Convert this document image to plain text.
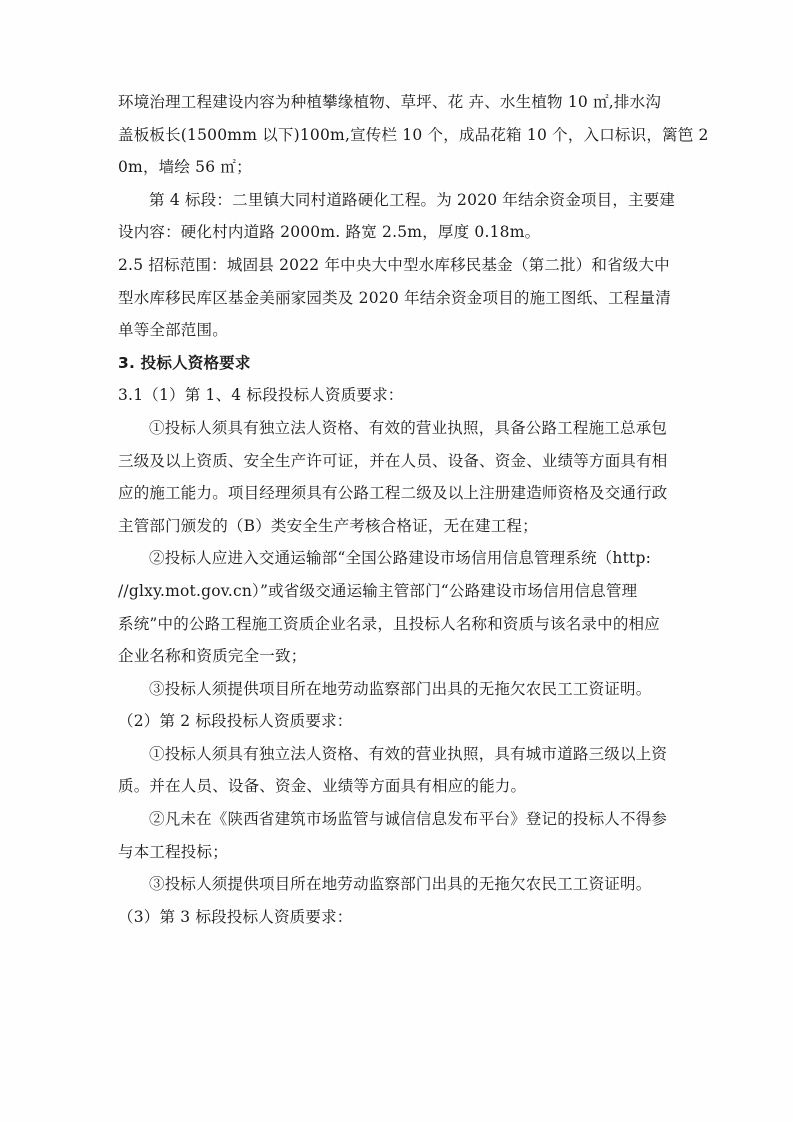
环境治理工程建设内容为种植攀缘植物、草坪、花 卉、水生植物 10 ㎡,排水沟
盖板板长(1500mm 以下)100m,宣传栏 10 个，成品花箱 10 个，入口标识，篱笆 2
0m，墙绘 56 ㎡；
第 4 标段：二里镇大同村道路硬化工程。为 2020 年结余资金项目，主要建
设内容：硬化村内道路 2000m. 路宽 2.5m，厚度 0.18m。
2.5 招标范围：城固县 2022 年中央大中型水库移民基金（第二批）和省级大中
型水库移民库区基金美丽家园类及 2020 年结余资金项目的施工图纸、工程量清
单等全部范围。
3. 投标人资格要求
3.1（1）第 1、4 标段投标人资质要求：
①投标人须具有独立法人资格、有效的营业执照，具备公路工程施工总承包
三级及以上资质、安全生产许可证，并在人员、设备、资金、业绩等方面具有相
应的施工能力。项目经理须具有公路工程二级及以上注册建造师资格及交通行政
主管部门颁发的（B）类安全生产考核合格证，无在建工程；
②投标人应进入交通运输部“全国公路建设市场信用信息管理系统（http:
//glxy.mot.gov.cn）”或省级交通运输主管部门“公路建设市场信用信息管理
系统”中的公路工程施工资质企业名录，且投标人名称和资质与该名录中的相应
企业名称和资质完全一致；
③投标人须提供项目所在地劳动监察部门出具的无拖欠农民工工资证明。
（2）第 2 标段投标人资质要求：
①投标人须具有独立法人资格、有效的营业执照，具有城市道路三级以上资
质。并在人员、设备、资金、业绩等方面具有相应的能力。
②凡未在《陕西省建筑市场监管与诚信信息发布平台》登记的投标人不得参
与本工程投标；
③投标人须提供项目所在地劳动监察部门出具的无拖欠农民工工资证明。
（3）第 3 标段投标人资质要求：
